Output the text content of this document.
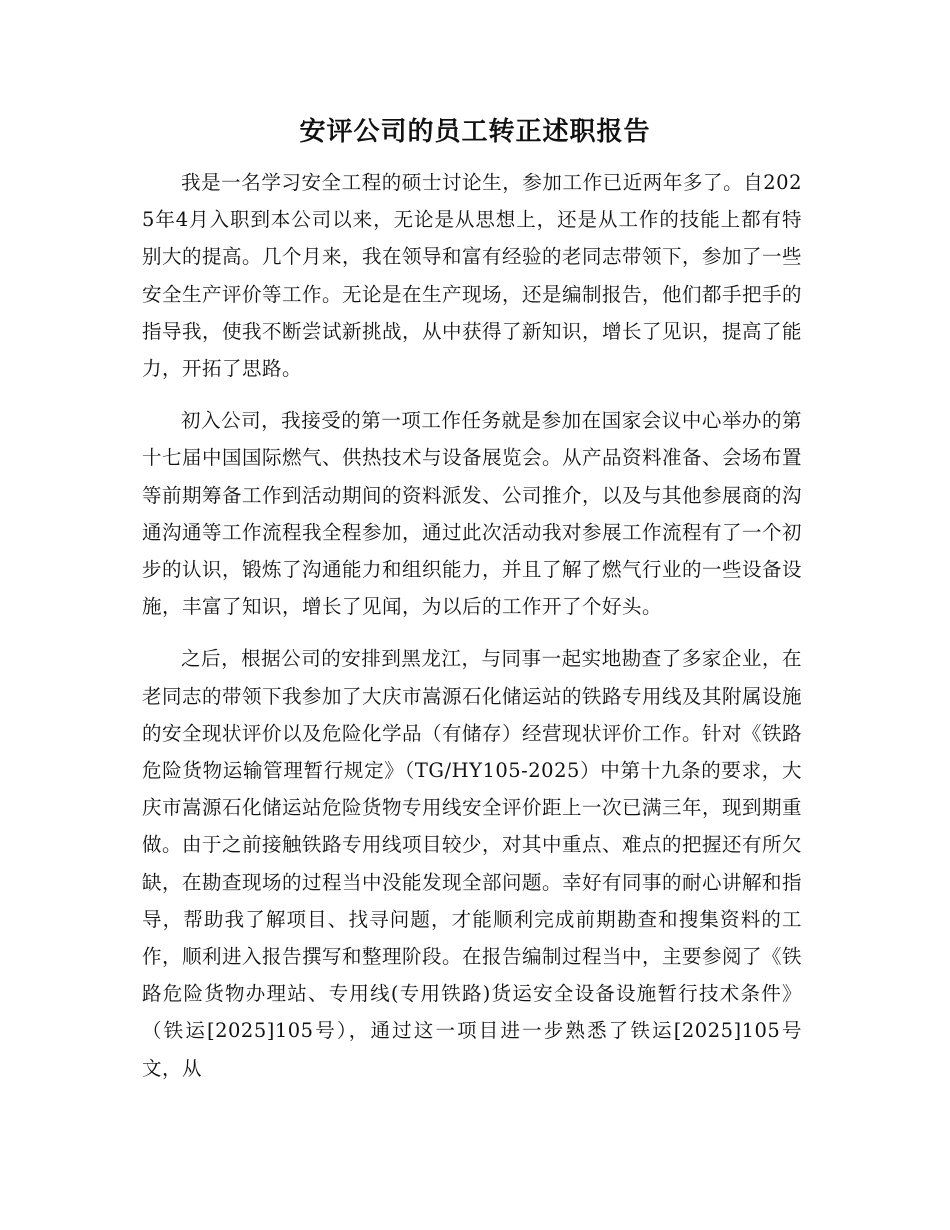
安评公司的员工转正述职报告

我是一名学习安全工程的硕士讨论生，参加工作已近两年多了。自2025年4月入职到本公司以来，无论是从思想上，还是从工作的技能上都有特别大的提高。几个月来，我在领导和富有经验的老同志带领下，参加了一些安全生产评价等工作。无论是在生产现场，还是编制报告，他们都手把手的指导我，使我不断尝试新挑战，从中获得了新知识，增长了见识，提高了能力，开拓了思路。

初入公司，我接受的第一项工作任务就是参加在国家会议中心举办的第十七届中国国际燃气、供热技术与设备展览会。从产品资料准备、会场布置等前期筹备工作到活动期间的资料派发、公司推介，以及与其他参展商的沟通沟通等工作流程我全程参加，通过此次活动我对参展工作流程有了一个初步的认识，锻炼了沟通能力和组织能力，并且了解了燃气行业的一些设备设施，丰富了知识，增长了见闻，为以后的工作开了个好头。

之后，根据公司的安排到黑龙江，与同事一起实地勘查了多家企业，在老同志的带领下我参加了大庆市嵩源石化储运站的铁路专用线及其附属设施的安全现状评价以及危险化学品（有储存）经营现状评价工作。针对《铁路危险货物运输管理暂行规定》（TG/HY105-2025）中第十九条的要求，大庆市嵩源石化储运站危险货物专用线安全评价距上一次已满三年，现到期重做。由于之前接触铁路专用线项目较少，对其中重点、难点的把握还有所欠缺，在勘查现场的过程当中没能发现全部问题。幸好有同事的耐心讲解和指导，帮助我了解项目、找寻问题，才能顺利完成前期勘查和搜集资料的工作，顺利进入报告撰写和整理阶段。在报告编制过程当中，主要参阅了《铁路危险货物办理站、专用线(专用铁路)货运安全设备设施暂行技术条件》（铁运[2025]105号），通过这一项目进一步熟悉了铁运[2025]105号文，从
